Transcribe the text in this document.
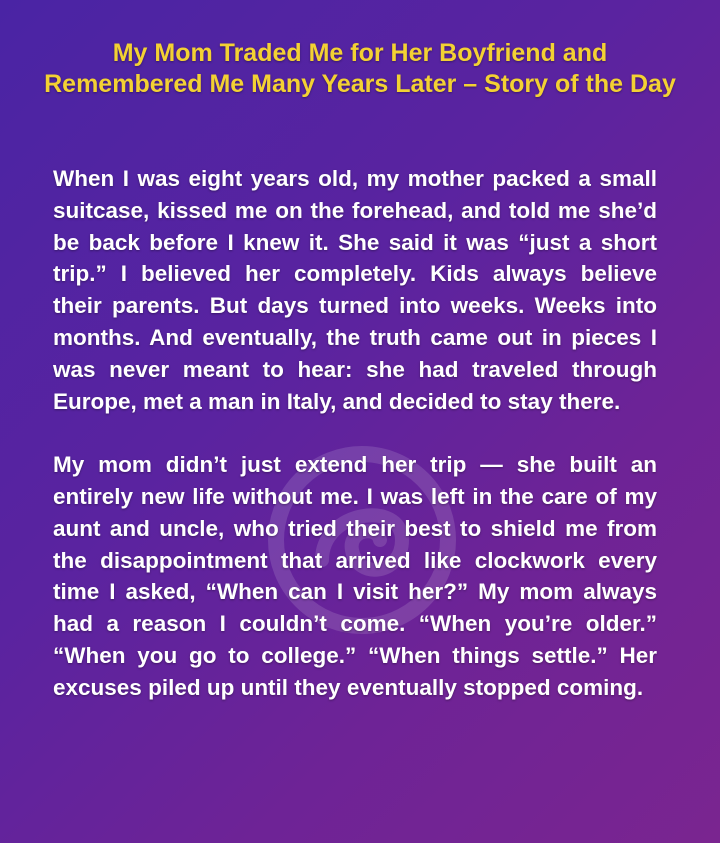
My Mom Traded Me for Her Boyfriend and Remembered Me Many Years Later – Story of the Day

When I was eight years old, my mother packed a small suitcase, kissed me on the forehead, and told me she’d be back before I knew it. She said it was “just a short trip.” I believed her completely. Kids always believe their parents. But days turned into weeks. Weeks into months. And eventually, the truth came out in pieces I was never meant to hear: she had traveled through Europe, met a man in Italy, and decided to stay there.

My mom didn’t just extend her trip — she built an entirely new life without me. I was left in the care of my aunt and uncle, who tried their best to shield me from the disappointment that arrived like clockwork every time I asked, “When can I visit her?” My mom always had a reason I couldn’t come. “When you’re older.” “When you go to college.” “When things settle.” Her excuses piled up until they eventually stopped coming.
